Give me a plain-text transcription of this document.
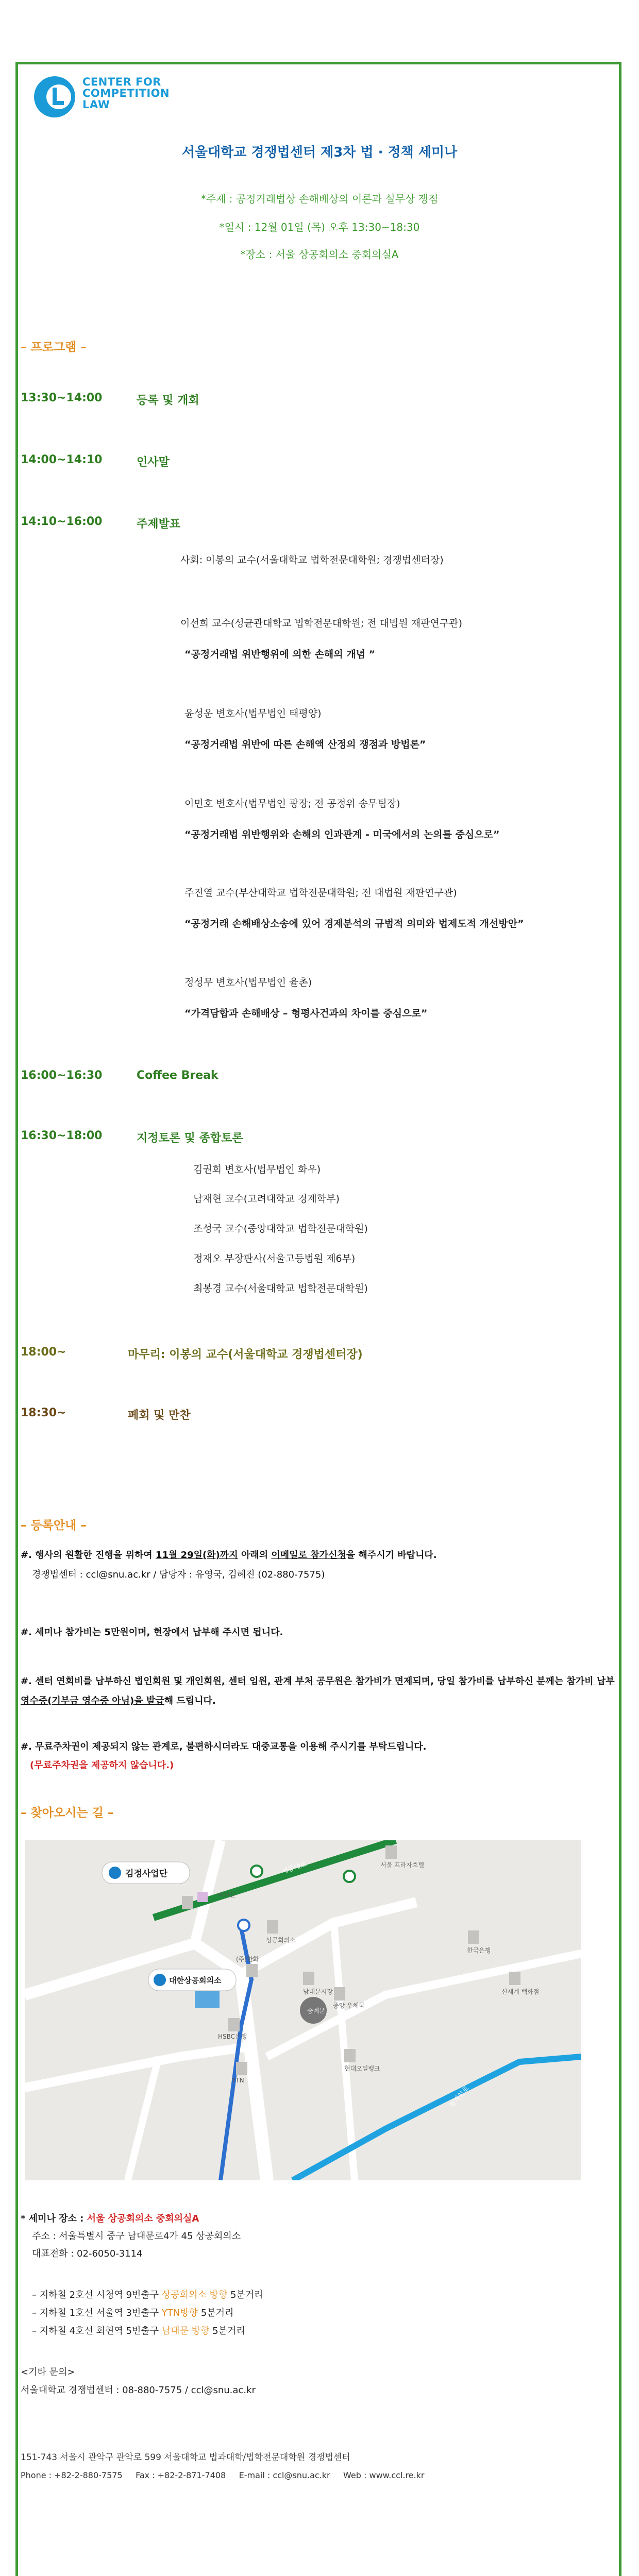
CENTER FOR
COMPETITION
LAW
서울대학교 경쟁법센터 제3차 법 · 정책 세미나
*주제 : 공정거래법상 손해배상의 이론과 실무상 쟁점
*일시 : 12월 01일 (목) 오후 13:30~18:30
*장소 : 서울 상공회의소 중회의실A
– 프로그램 –
13:30~14:00	등록 및 개회
14:00~14:10	인사말
14:10~16:00	주제발표
사회: 이봉의 교수(서울대학교 법학전문대학원; 경쟁법센터장)
이선희 교수(성균관대학교 법학전문대학원; 전 대법원 재판연구관)
“공정거래법 위반행위에 의한 손해의 개념 ”
윤성운 변호사(법무법인 태평양)
“공정거래법 위반에 따른 손해액 산정의 쟁점과 방법론”
이민호 변호사(법무법인 광장; 전 공정위 송무팀장)
“공정거래법 위반행위와 손해의 인과관계 - 미국에서의 논의를 중심으로”
주진열 교수(부산대학교 법학전문대학원; 전 대법원 재판연구관)
“공정거래 손해배상소송에 있어 경제분석의 규범적 의미와 법제도적 개선방안”
정성무 변호사(법무법인 율촌)
“가격담합과 손해배상 – 형평사건과의 차이를 중심으로”
16:00~16:30	Coffee Break
16:30~18:00	지정토론 및 종합토론
김권회 변호사(법무법인 화우)
남재현 교수(고려대학교 경제학부)
조성국 교수(중앙대학교 법학전문대학원)
정재오 부장판사(서울고등법원 제6부)
최봉경 교수(서울대학교 법학전문대학원)
18:00~	마무리: 이봉의 교수(서울대학교 경쟁법센터장)
18:30~	폐회 및 만찬
– 등록안내 –
#. 행사의 원활한 진행을 위하여 11월 29일(화)까지 아래의 이메일로 참가신청을 해주시기 바랍니다.
경쟁법센터 : ccl@snu.ac.kr / 담당자 : 유영국, 김혜진 (02-880-7575)
#. 세미나 참가비는 5만원이며, 현장에서 납부해 주시면 됩니다.
#. 센터 연회비를 납부하신 법인회원 및 개인회원, 센터 임원, 관계 부처 공무원은 참가비가 면제되며, 당일 참가비를 납부하신 분께는 참가비 납부 영수증(기부금 영수증 아님)을 발급해 드립니다.
#. 무료주차권이 제공되지 않는 관계로, 불편하시더라도 대중교통을 이용해 주시기를 부탁드립니다.
(무료주차권을 제공하지 않습니다.)
– 찾아오시는 길 –
숭례문
김정사업단
대한상공회의소
대한문
서울 프라자호텔
상공회의소
한국은행
신세계 백화점
(주)한화
HSBC은행
YTN
남대문시장
중앙 우체국
현대오일뱅크
세종대로
청계천로
* 세미나 장소 : 서울 상공회의소 중회의실A
주소 : 서울특별시 중구 남대문로4가 45 상공회의소
대표전화 : 02-6050-3114
– 지하철 2호선 시청역 9번출구 상공회의소 방향 5분거리
– 지하철 1호선 서울역 3번출구 YTN방향 5분거리
– 지하철 4호선 회현역 5번출구 남대문 방향 5분거리
<기타 문의>
서울대학교 경쟁법센터 : 08-880-7575 / ccl@snu.ac.kr
151-743 서울시 관악구 관악로 599 서울대학교 법과대학/법학전문대학원 경쟁법센터
Phone : +82-2-880-7575     Fax : +82-2-871-7408     E-mail : ccl@snu.ac.kr     Web : www.ccl.re.kr
